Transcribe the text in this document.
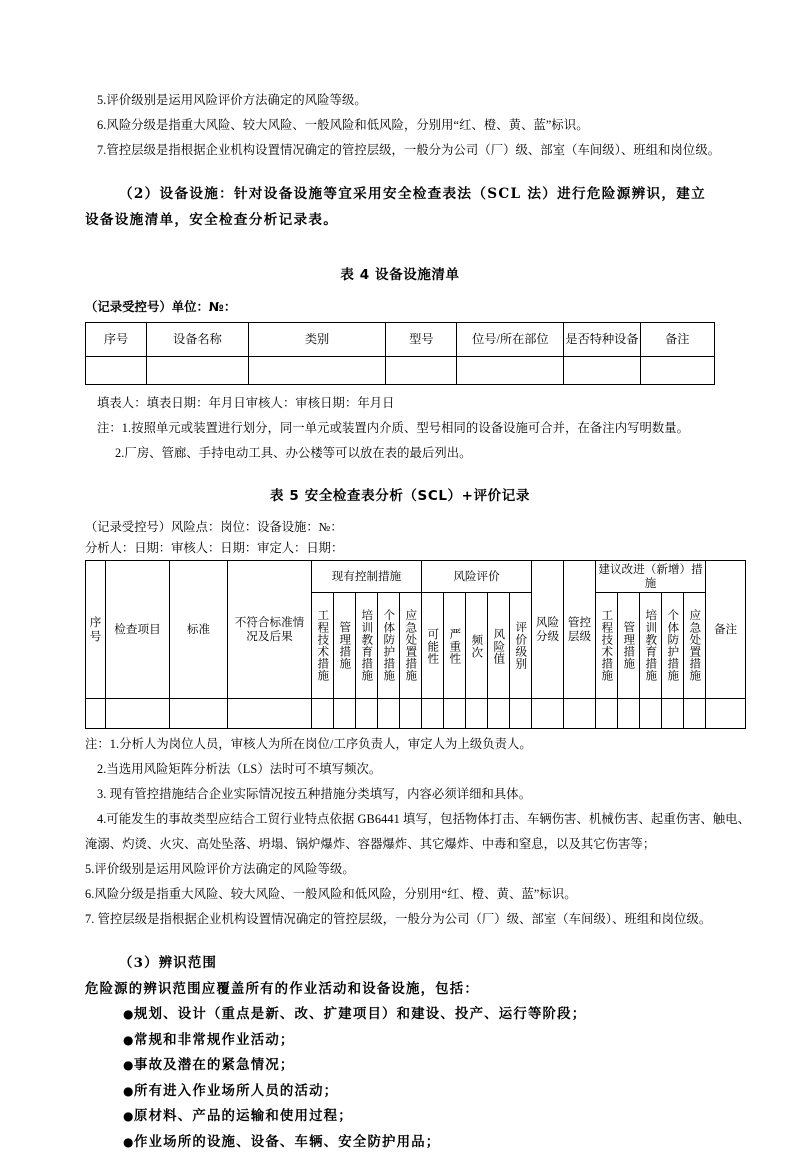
5.评价级别是运用风险评价方法确定的风险等级。
6.风险分级是指重大风险、较大风险、一般风险和低风险，分别用“红、橙、黄、蓝”标识。
7.管控层级是指根据企业机构设置情况确定的管控层级，一般分为公司（厂）级、部室（车间级）、班组和岗位级。
（2）设备设施：针对设备设施等宜采用安全检查表法（SCL 法）进行危险源辨识，建立
设备设施清单，安全检查分析记录表。
表 4 设备设施清单
（记录受控号）单位：№：
序号	设备名称	类别	型号	位号/所在部位	是否特种设备	备注

填表人：填表日期：年月日审核人：审核日期：年月日
注：1.按照单元或装置进行划分，同一单元或装置内介质、型号相同的设备设施可合并，在备注内写明数量。
2.厂房、管廊、手持电动工具、办公楼等可以放在表的最后列出。
表 5 安全检查表分析（SCL）+评价记录
（记录受控号）风险点：岗位：设备设施：№：
分析人：日期：审核人：日期：审定人：日期：
序号	检查项目	标准	不符合标准情况及后果	现有控制措施					风险评价					风险分级	管控层级	建议改进（新增）措施					备注
				工程技术措施	管理措施	培训教育措施	个体防护措施	应急处置措施	可能性	严重性	频次	风险值	评价级别			工程技术措施	管理措施	培训教育措施	个体防护措施	应急处置措施	

注：1.分析人为岗位人员，审核人为所在岗位/工序负责人，审定人为上级负责人。
2.当选用风险矩阵分析法（LS）法时可不填写频次。
3. 现有管控措施结合企业实际情况按五种措施分类填写，内容必须详细和具体。
4.可能发生的事故类型应结合工贸行业特点依据 GB6441 填写，包括物体打击、车辆伤害、机械伤害、起重伤害、触电、
淹溺、灼烫、火灾、高处坠落、坍塌、锅炉爆炸、容器爆炸、其它爆炸、中毒和窒息，以及其它伤害等；
5.评价级别是运用风险评价方法确定的风险等级。
6.风险分级是指重大风险、较大风险、一般风险和低风险，分别用“红、橙、黄、蓝”标识。
7. 管控层级是指根据企业机构设置情况确定的管控层级，一般分为公司（厂）级、部室（车间级）、班组和岗位级。
（3）辨识范围
危险源的辨识范围应覆盖所有的作业活动和设备设施，包括：
●规划、设计（重点是新、改、扩建项目）和建设、投产、运行等阶段；
●常规和非常规作业活动；
●事故及潜在的紧急情况；
●所有进入作业场所人员的活动；
●原材料、产品的运输和使用过程；
●作业场所的设施、设备、车辆、安全防护用品；
